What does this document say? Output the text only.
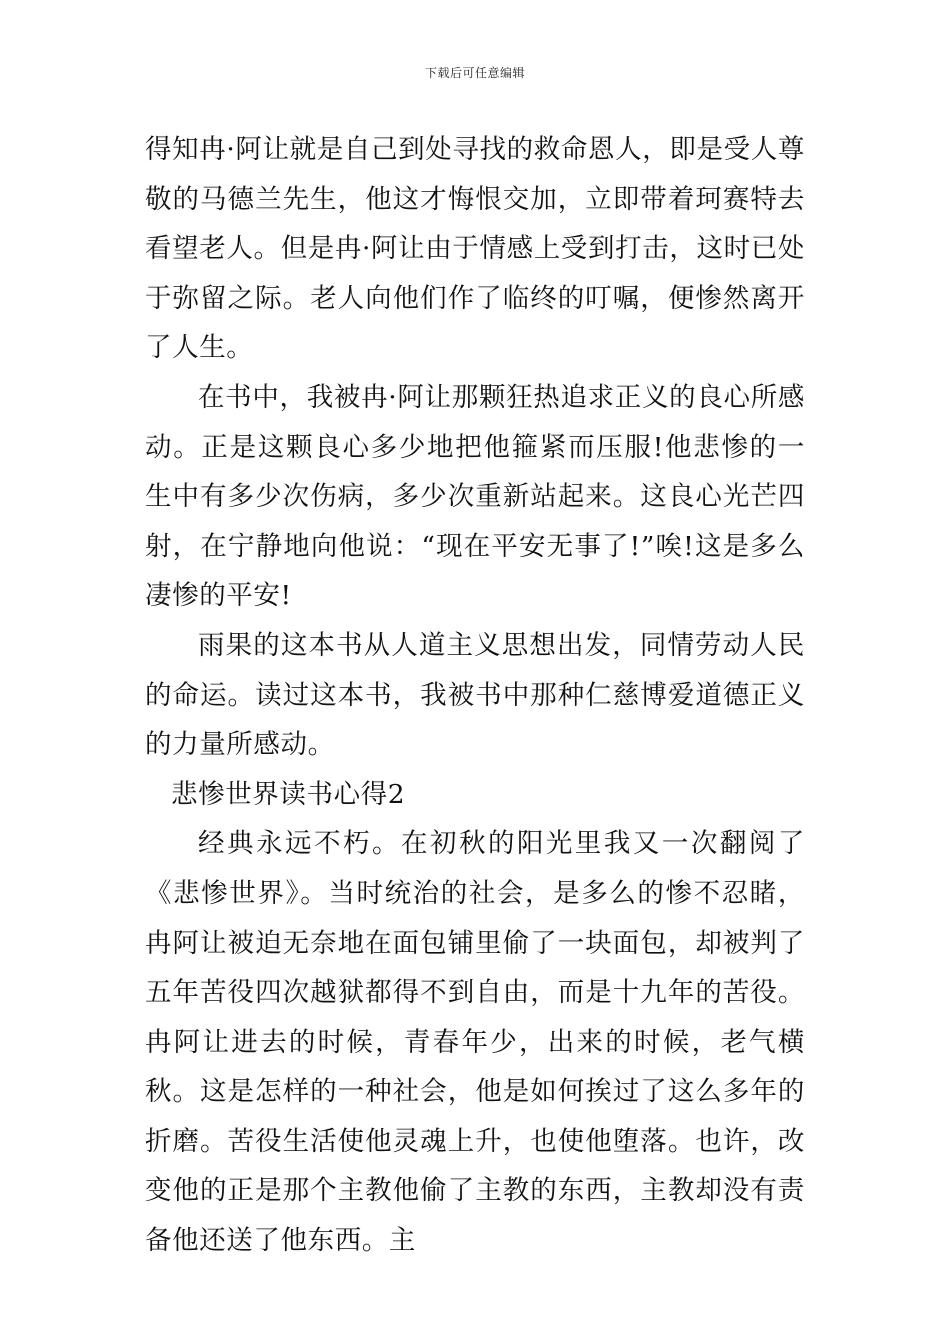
下载后可任意编辑

得知冉·阿让就是自己到处寻找的救命恩人，即是受人尊敬的马德兰先生，他这才悔恨交加，立即带着珂赛特去看望老人。但是冉·阿让由于情感上受到打击，这时已处于弥留之际。老人向他们作了临终的叮嘱，便惨然离开了人生。

在书中，我被冉·阿让那颗狂热追求正义的良心所感动。正是这颗良心多少地把他箍紧而压服!他悲惨的一生中有多少次伤病，多少次重新站起来。这良心光芒四射，在宁静地向他说：“现在平安无事了!”唉!这是多么凄惨的平安!

雨果的这本书从人道主义思想出发，同情劳动人民的命运。读过这本书，我被书中那种仁慈博爱道德正义的力量所感动。

悲惨世界读书心得2

经典永远不朽。在初秋的阳光里我又一次翻阅了《悲惨世界》。当时统治的社会，是多么的惨不忍睹，冉阿让被迫无奈地在面包铺里偷了一块面包，却被判了五年苦役四次越狱都得不到自由，而是十九年的苦役。冉阿让进去的时候，青春年少，出来的时候，老气横秋。这是怎样的一种社会，他是如何挨过了这么多年的折磨。苦役生活使他灵魂上升，也使他堕落。也许，改变他的正是那个主教他偷了主教的东西，主教却没有责备他还送了他东西。主
